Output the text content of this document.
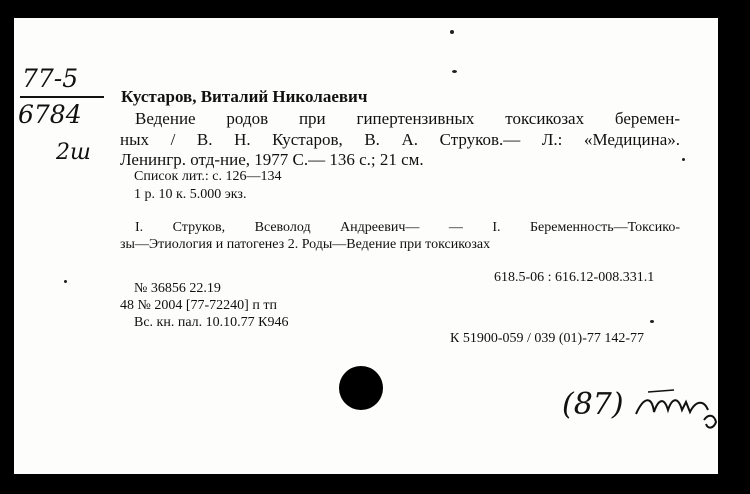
77-5
6784
2ш
Кустаров, Виталий Николаевич
Ведение родов при гипертензивных токсикозах беремен-
ных / В. Н. Кустаров, В. А. Струков.— Л.: «Медицина».
Ленингр. отд-ние, 1977 С.— 136 с.; 21 см.
Список лит.: с. 126—134
1 р. 10 к. 5.000 экз.
I. Струков, Всеволод Андреевич— — I. Беременность—Токсико-
зы—Этиология и патогенез 2. Роды—Ведение при токсикозах
618.5-06 : 616.12-008.331.1
№ 36856 22.19
48 № 2004 [77-72240] п тп
Вс. кн. пал. 10.10.77 К946
К 51900-059 / 039 (01)-77 142-77
(87)
